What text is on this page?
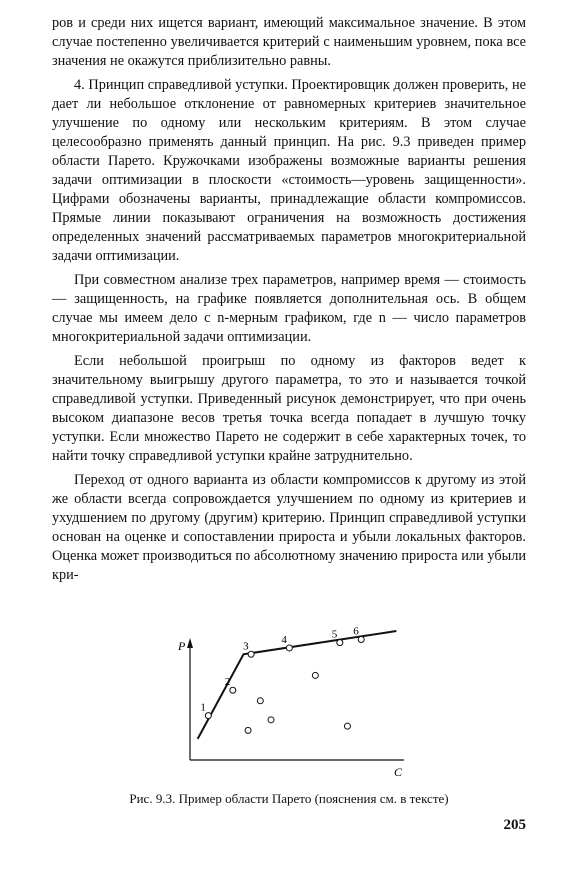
ров и среди них ищется вариант, имеющий максимальное значение. В этом случае постепенно увеличивается критерий с наименьшим уровнем, пока все значения не окажутся приблизительно равны.

4. Принцип справедливой уступки. Проектировщик должен проверить, не дает ли небольшое отклонение от равномерных критериев значительное улучшение по одному или нескольким критериям. В этом случае целесообразно применять данный принцип. На рис. 9.3 приведен пример области Парето. Кружочками изображены возможные варианты решения задачи оптимизации в плоскости «стоимость—уровень защищенности». Цифрами обозначены варианты, принадлежащие области компромиссов. Прямые линии показывают ограничения на возможность достижения определенных значений рассматриваемых параметров многокритериальной задачи оптимизации.

При совместном анализе трех параметров, например время — стоимость — защищенность, на графике появляется дополнительная ось. В общем случае мы имеем дело с n-мерным графиком, где n — число параметров многокритериальной задачи оптимизации.

Если небольшой проигрыш по одному из факторов ведет к значительному выигрышу другого параметра, то это и называется точкой справедливой уступки. Приведенный рисунок демонстрирует, что при очень высоком диапазоне весов третья точка всегда попадает в лучшую точку уступки. Если множество Парето не содержит в себе характерных точек, то найти точку справедливой уступки крайне затруднительно.

Переход от одного варианта из области компромиссов к другому из этой же области всегда сопровождается улучшением по одному из критериев и ухудшением по другому (другим) критерию. Принцип справедливой уступки основан на оценке и сопоставлении прироста и убыли локальных факторов. Оценка может производиться по абсолютному значению прироста или убыли кри-

P
C
1
2
3
4	5 6
Рис. 9.3. Пример области Парето (пояснения см. в тексте)
205
